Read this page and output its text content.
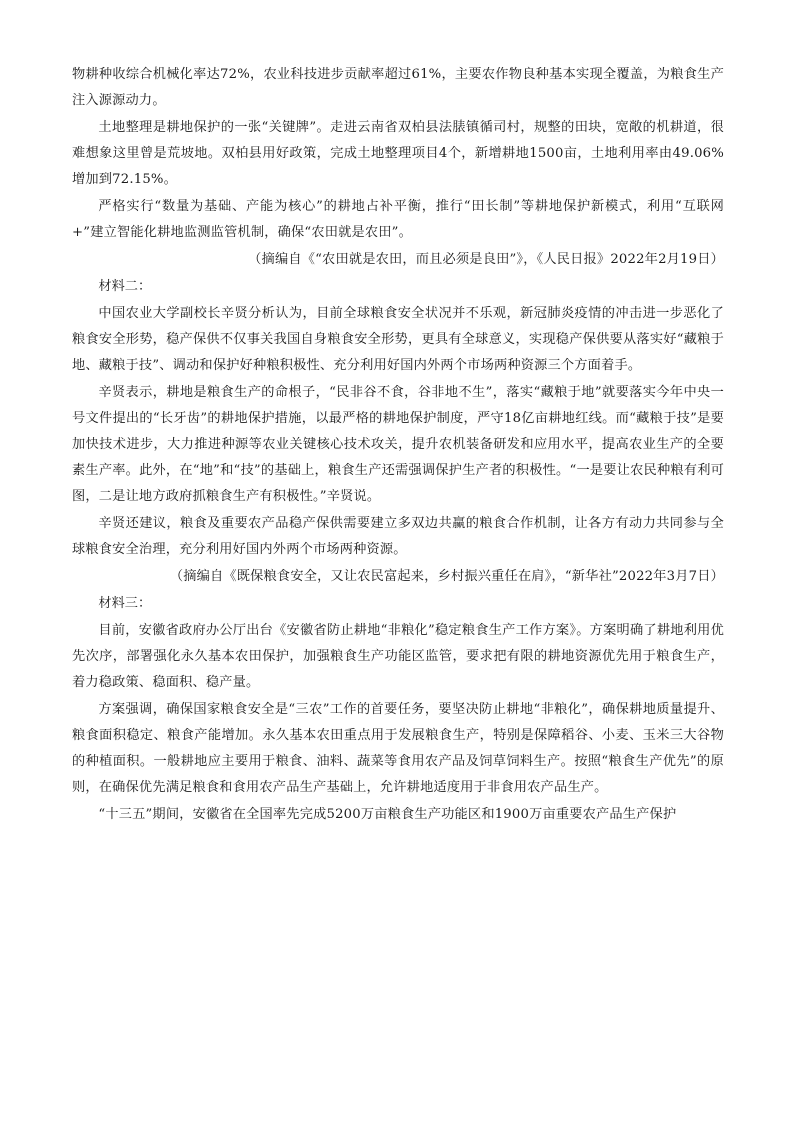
物耕种收综合机械化率达72%，农业科技进步贡献率超过61%，主要农作物良种基本实现全覆盖，为粮食生产注入源源动力。

土地整理是耕地保护的一张“关键牌”。走进云南省双柏县法脿镇循司村，规整的田块，宽敞的机耕道，很难想象这里曾是荒坡地。双柏县用好政策，完成土地整理项目4个，新增耕地1500亩，土地利用率由49.06%增加到72.15%。

严格实行“数量为基础、产能为核心”的耕地占补平衡，推行“田长制”等耕地保护新模式，利用“互联网+”建立智能化耕地监测监管机制，确保“农田就是农田”。

（摘编自《“农田就是农田，而且必须是良田”》，《人民日报》2022年2月19日）

材料二：

中国农业大学副校长辛贤分析认为，目前全球粮食安全状况并不乐观，新冠肺炎疫情的冲击进一步恶化了粮食安全形势，稳产保供不仅事关我国自身粮食安全形势，更具有全球意义，实现稳产保供要从落实好“藏粮于地、藏粮于技”、调动和保护好种粮积极性、充分利用好国内外两个市场两种资源三个方面着手。

辛贤表示，耕地是粮食生产的命根子，“民非谷不食，谷非地不生”，落实“藏粮于地”就要落实今年中央一号文件提出的“长牙齿”的耕地保护措施，以最严格的耕地保护制度，严守18亿亩耕地红线。而“藏粮于技”是要加快技术进步，大力推进种源等农业关键核心技术攻关，提升农机装备研发和应用水平，提高农业生产的全要素生产率。此外，在“地”和“技”的基础上，粮食生产还需强调保护生产者的积极性。“一是要让农民种粮有利可图，二是让地方政府抓粮食生产有积极性。”辛贤说。

辛贤还建议，粮食及重要农产品稳产保供需要建立多双边共赢的粮食合作机制，让各方有动力共同参与全球粮食安全治理，充分利用好国内外两个市场两种资源。

（摘编自《既保粮食安全，又让农民富起来，乡村振兴重任在肩》，“新华社”2022年3月7日）

材料三：

目前，安徽省政府办公厅出台《安徽省防止耕地“非粮化”稳定粮食生产工作方案》。方案明确了耕地利用优先次序，部署强化永久基本农田保护，加强粮食生产功能区监管，要求把有限的耕地资源优先用于粮食生产，着力稳政策、稳面积、稳产量。

方案强调，确保国家粮食安全是“三农”工作的首要任务，要坚决防止耕地“非粮化”，确保耕地质量提升、粮食面积稳定、粮食产能增加。永久基本农田重点用于发展粮食生产，特别是保障稻谷、小麦、玉米三大谷物的种植面积。一般耕地应主要用于粮食、油料、蔬菜等食用农产品及饲草饲料生产。按照“粮食生产优先”的原则，在确保优先满足粮食和食用农产品生产基础上，允许耕地适度用于非食用农产品生产。

“十三五”期间，安徽省在全国率先完成5200万亩粮食生产功能区和1900万亩重要农产品生产保护
